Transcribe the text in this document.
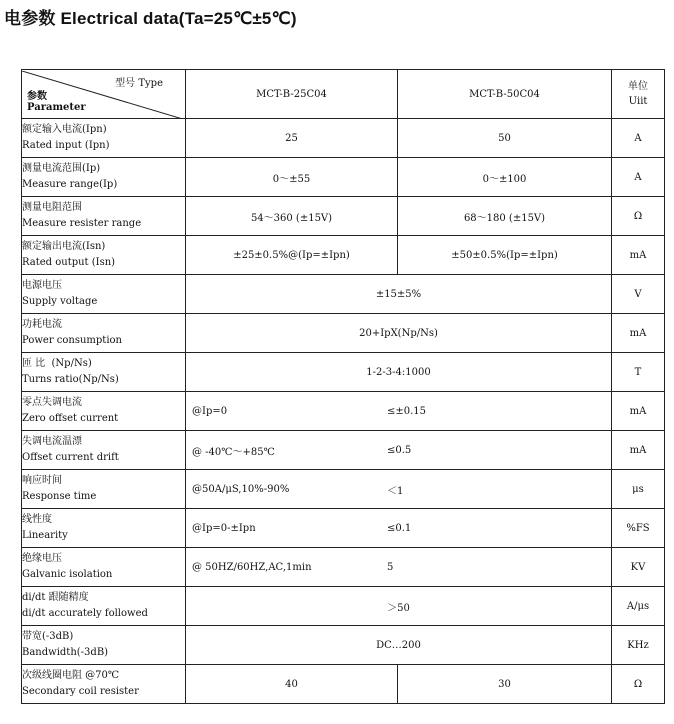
电参数 Electrical data(Ta=25℃±5℃)
型号 Type
参数
Parameter	MCT-B-25C04	MCT-B-50C04	单位
Uiit
额定输入电流(Ipn)
Rated input (Ipn)	25	50	A
测量电流范围(Ip)
Measure range(Ip)	0～±55	0～±100	A
测量电阻范围
Measure resister range	54～360 (±15V)	68～180 (±15V)	Ω
额定输出电流(Isn)
Rated output (Isn)	±25±0.5%@(Ip=±Ipn)	±50±0.5%(Ip=±Ipn)	mA
电源电压
Supply voltage	±15±5%		V
功耗电流
Power consumption	20+IpX(Np/Ns)		mA
匝 比  (Np/Ns)
Turns ratio(Np/Ns)	1-2-3-4:1000		T
零点失调电流
Zero offset current	@Ip=0 ≤±0.15		mA
失调电流温漂
Offset current drift	@ -40℃～+85℃ ≤0.5		mA
响应时间
Response time	@50A/μS,10%-90% ＜1		μs
线性度
Linearity	@Ip=0-±Ipn ≤0.1		%FS
绝缘电压
Galvanic isolation	@ 50HZ/60HZ,AC,1min 5		KV
di/dt 跟随精度
di/dt accurately followed	＞50		A/μs
带宽(-3dB)
Bandwidth(-3dB)	DC…200		KHz
次级线圈电阻 @70℃
Secondary coil resister	40	30	Ω
